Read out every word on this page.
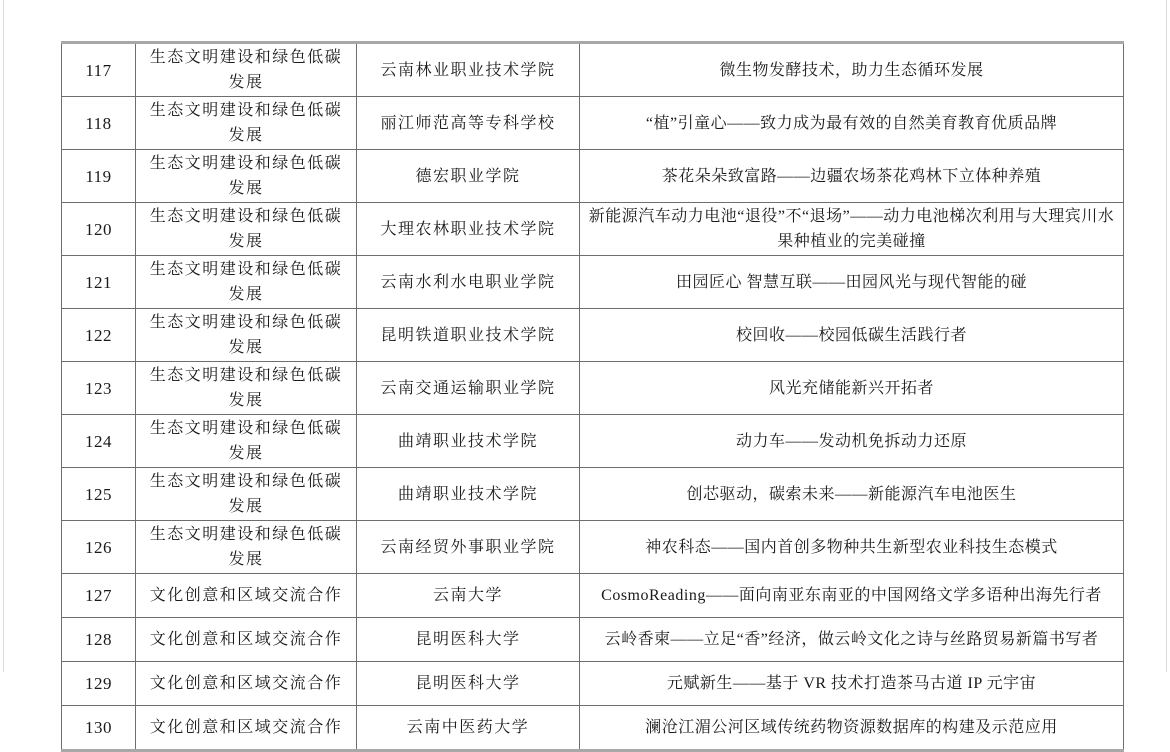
117	生态文明建设和绿色低碳发展	云南林业职业技术学院	微生物发酵技术，助力生态循环发展
118	生态文明建设和绿色低碳发展	丽江师范高等专科学校	“植”引童心——致力成为最有效的自然美育教育优质品牌
119	生态文明建设和绿色低碳发展	德宏职业学院	茶花朵朵致富路——边疆农场茶花鸡林下立体种养殖
120	生态文明建设和绿色低碳发展	大理农林职业技术学院	新能源汽车动力电池“退役”不“退场”——动力电池梯次利用与大理宾川水果种植业的完美碰撞
121	生态文明建设和绿色低碳发展	云南水利水电职业学院	田园匠心 智慧互联——田园风光与现代智能的碰
122	生态文明建设和绿色低碳发展	昆明铁道职业技术学院	校回收——校园低碳生活践行者
123	生态文明建设和绿色低碳发展	云南交通运输职业学院	风光充储能新兴开拓者
124	生态文明建设和绿色低碳发展	曲靖职业技术学院	动力车——发动机免拆动力还原
125	生态文明建设和绿色低碳发展	曲靖职业技术学院	创芯驱动，碳索未来——新能源汽车电池医生
126	生态文明建设和绿色低碳发展	云南经贸外事职业学院	神农科态——国内首创多物种共生新型农业科技生态模式
127	文化创意和区域交流合作	云南大学	CosmoReading——面向南亚东南亚的中国网络文学多语种出海先行者
128	文化创意和区域交流合作	昆明医科大学	云岭香柬——立足“香”经济，做云岭文化之诗与丝路贸易新篇书写者
129	文化创意和区域交流合作	昆明医科大学	元赋新生——基于 VR 技术打造茶马古道 IP 元宇宙
130	文化创意和区域交流合作	云南中医药大学	澜沧江湄公河区域传统药物资源数据库的构建及示范应用
